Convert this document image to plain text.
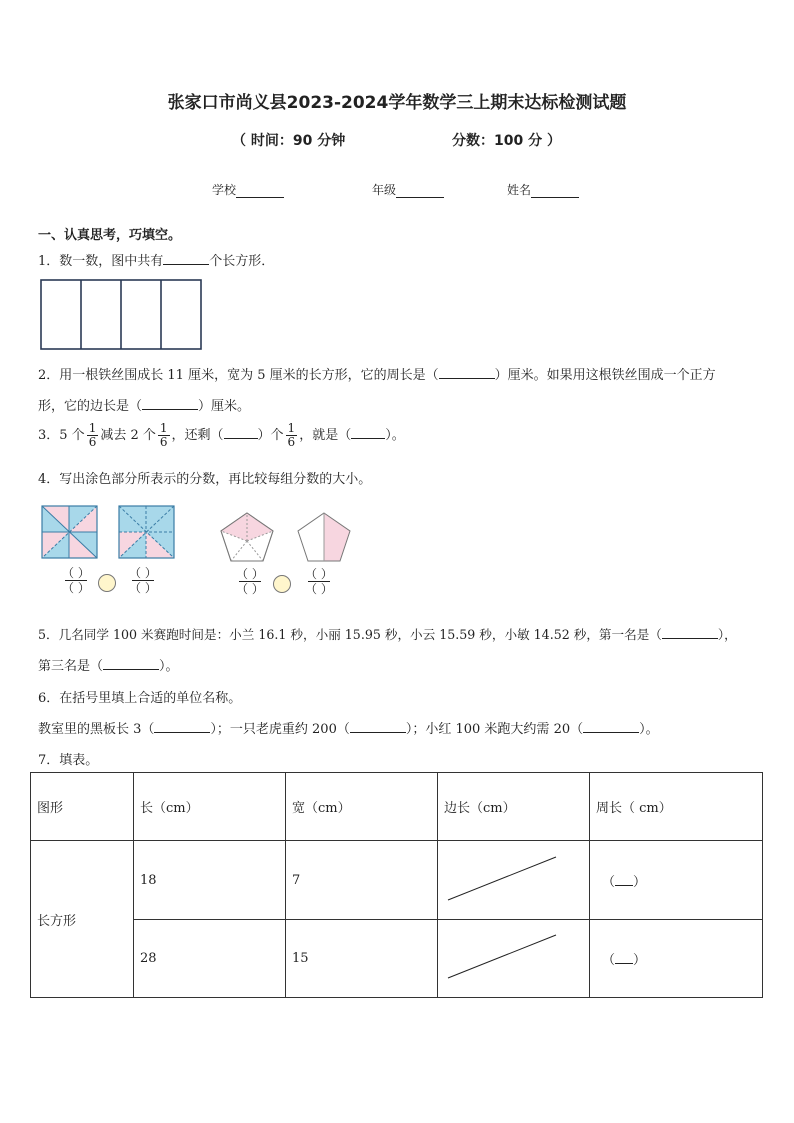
张家口市尚义县2023-2024学年数学三上期末达标检测试题
（ 时间：90 分钟	分数：100 分 ）
学校	年级	姓名
一、认真思考，巧填空。
1．数一数，图中共有	个长方形．
2．用一根铁丝围成长 11 厘米，宽为 5 厘米的长方形，它的周长是（	）厘米。如果用这根铁丝围成一个正方
形，它的边长是（	）厘米。
3．5 个 $\frac{1}{6}$ 减去 2 个 $\frac{1}{6}$ ，还剩（	）个 $\frac{1}{6}$ ，就是（	）。
4．写出涂色部分所表示的分数，再比较每组分数的大小。
（ ）
（ ）
（ ）
（ ）
（ ）
（ ）
（ ）
（ ）
5．几名同学 100 米赛跑时间是：小兰 16.1 秒，小丽 15.95 秒，小云 15.59 秒，小敏 14.52 秒，第一名是（	），
第三名是（	）。
6．在括号里填上合适的单位名称。
教室里的黑板长 3（	）；一只老虎重约 200（	）；小红 100 米跑大约需 20（	）。
7．填表。
图形	长（cm）	宽（cm）	边长（cm）	周长（ cm）
长方形	18	7		（ ）
	28	15		（ ）
